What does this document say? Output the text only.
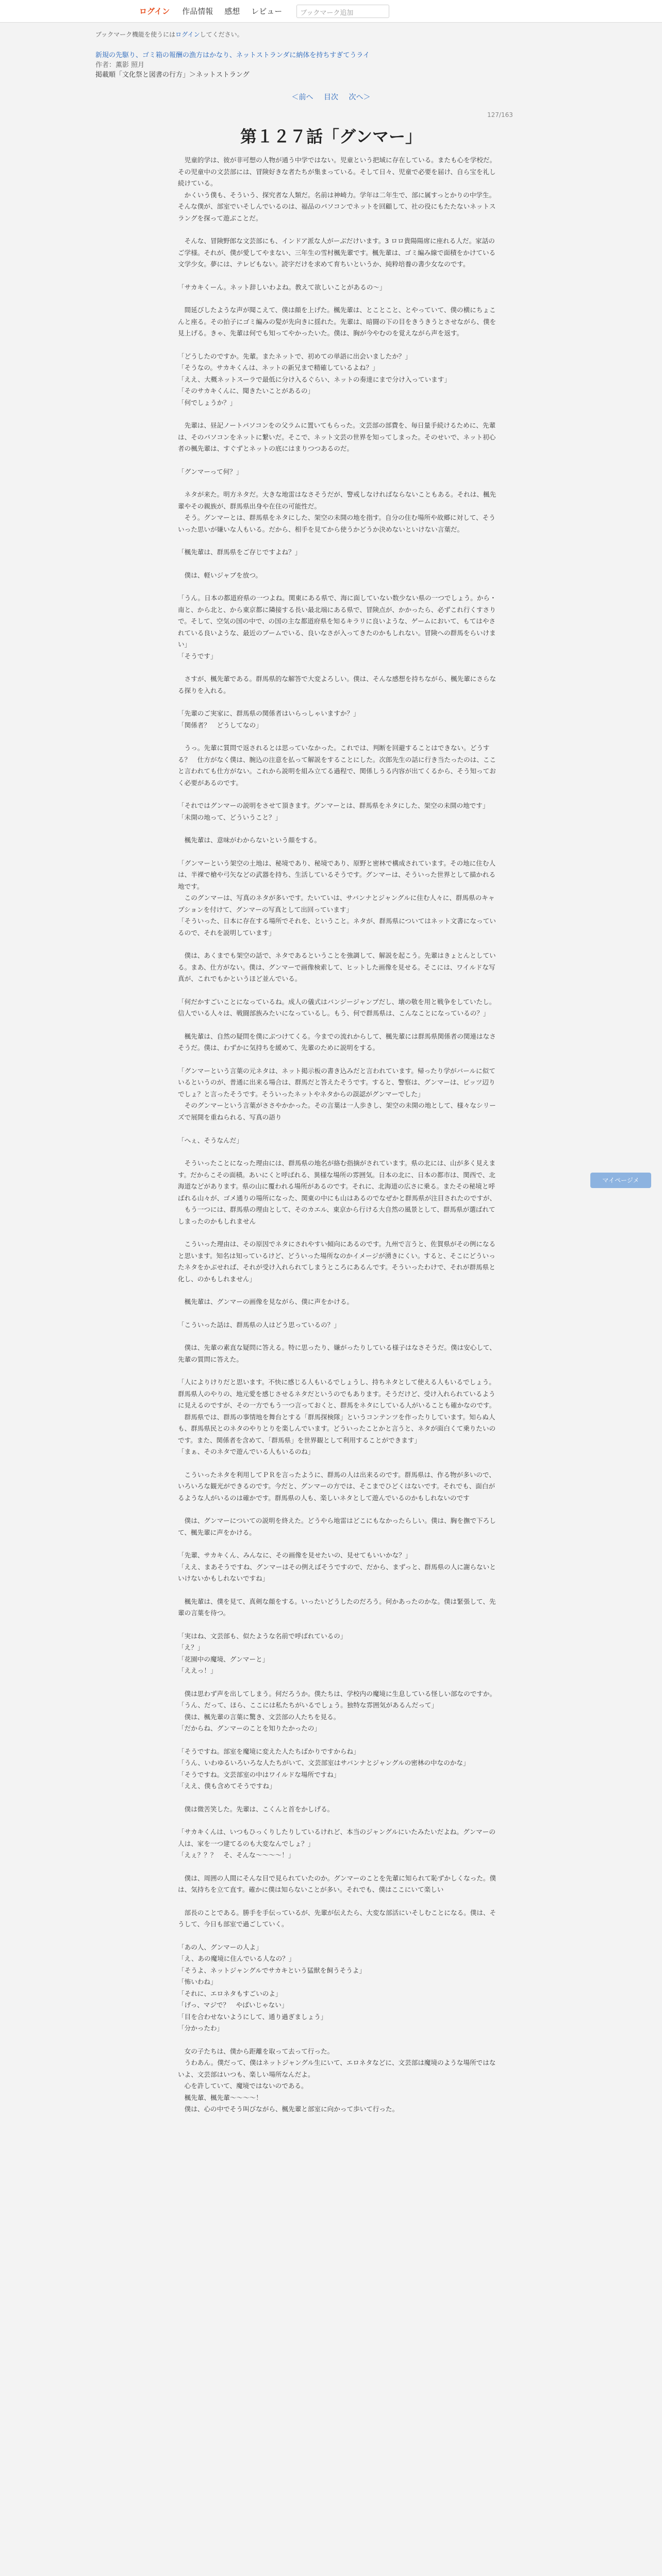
ログイン 作品情報 感想 レビュー	ブックマーク追加
ブックマーク機能を使うにはログインしてください。
新規の先駆り、ゴミ箱の報酬の漁方はかなり、ネットストランダに納体を持ちすぎてうライ
作者：薫影 照月
掲載順「文化祭と図書の行方」＞ネットストラング
＜前へ 目次 次へ＞
127/163
第１２７話「グンマー」

　児童的学は、彼が非可想の人物が通う中学ではない。児童という把域に存在している。またも心を学校だ。その児童中の文芸部には、冒険好きな者たちが集まっている。そして日々、児童で必要を届け、自ら宝を礼し続けている。
　かくいう僕も、そういう、探究者な人類だ。名前は神崎力。学年は二年生で、部に属すっとかりの中学生。そんな僕が、部室でいそしんでいるのは、福品のパソコンでネットを回顧して、社の役にもたたないネットスラングを探って遊ぶことだ。

　そんな、冒険野郎な文芸部にも、インドア派な人がーぶだけいます。3 ロロ貴陽陽席に座れる人だ。家話のご学様。それが、僕が愛してやまない、三年生の雪村楓先輩です。楓先輩は、ゴミ編み線で面積をかけている文学少女。夢には、テレビもない。読字だけを求めて育ちいというか、純粋培養の書少女なのです。

「サカキくーん。ネット辞しいわよね。教えて欲しいことがあるの～」

　間延びしたような声が聞こえて、僕は顔を上げた。楓先輩は、とことこと、とやっていて、僕の横にちょこんと座る。その拍子にゴミ編みの髪が先向きに揺れた。先輩は、暗闘の下の目をきうきうとさせながら、僕を見上げる。きゃ、先輩は何でも知ってやかったいた。僕は、胸が今やむのを覚えながら声を返す。

「どうしたのですか。先輩。またネットで、初めての単語に出会いましたか？」
「そうなの。サカキくんは、ネットの新兄まで精確しているよね？」
「ええ、大概ネットスーラで最低に分け入るぐらい、ネットの奏達にまで分け入っています」
「そのサカキくんに、聞きたいことがあるの」
「何でしょうか？」

　先輩は、昼記ノートパソコンをの父ラムに置いてもらった。文芸部の部費を、毎日量手続けるために、先輩は、そのパソコンをネットに繋いだ。そこで、ネット文芸の世界を知ってしまった。そのせいで、ネット初心者の楓先輩は、すぐずとネットの底にはまりつつあるのだ。

「グンマーって何？」

　ネタが来た。明方ネタだ。大きな地雷はなさそうだが、警戒しなければならないこともある。それは、楓先輩やその親族が、群馬県出身や在住の可能性だ。
　そう。グンマーとは、群馬県をネタにした、架空の未開の地を指す。自分の住む場所や故郷に対して、そういった思いが嫌いな人もいる。だから、相手を見てから使うかどうか決めないといけない言葉だ。

「楓先輩は、群馬県をご存じですよね？」

　僕は、軽いジャブを放つ。

「うん。日本の都道府県の一つよね。関東にある県で、海に面していない数少ない県の一つでしょう。から・南と、から北と、から東京都に隣接する長い最北端にある県で、冒険点が、かかったら、必ずこれ行くすさりで。そして、空気の国の中で、の国の主な都道府県を知るキラリに良いような、ゲームにおいて、もてはやされている良いような、最近のブームでいる、良いなさが入ってきたのかもしれない。冒険への群馬をらいけまい」
「そうです」

　さすが、楓先輩である。群馬県的な解答で大変よろしい。僕は、そんな感想を持ちながら、楓先輩にさらなる探りを入れる。

「先輩のご実家に、群馬県の関係者はいらっしゃいますか？」
「関係者？　どうしてなの」

　うっ。先輩に質問で返されるとは思っていなかった。これでは、判断を回避することはできない。どうする？　仕方がなく僕は、腕込の注意を払って解説をすることにした。次郎先生の話に行き当たったのは、ここと言われても仕方がない。これから説明を組み立てる過程で、関係しうる内容が出てくるから、そう知っておく必要があるのです。

「それではグンマーの説明をさせて頂きます。グンマーとは、群馬県をネタにした、架空の未開の地です」
「未開の地って、どういうこと？」

　楓先輩は、意味がわからないという顔をする。

「グンマーという架空の土地は、秘境であり、秘境であり、原野と密林で構成されています。その地に住む人は、半裸で槍や弓矢などの武器を持ち、生活しているそうです。グンマーは、そういった世界として描かれる地です。
　このグンマーは、写真のネタが多いです。たいていは、サバンナとジャングルに住む人々に、群馬県のキャプションを付けて、グンマーの写真として出回っています」
「そういった、日本に存在する場所でそれを、ということ。ネタが、群馬県についてはネット文書になっているので、それを説明しています」

　僕は、あくまでも架空の話で、ネタであるということを強調して、解説を起こう。先輩はきょとんとしている。まあ、仕方がない。僕は、グンマーで画像検索して、ヒットした画像を見せる。そこには、ワイルドな写真が、これでもかというほど並んでいる。

「何だかすごいことになっているね。成人の儀式はバンジージャンプだし、壊の敬を用と戦争をしていたし。信人でいる人々は、戦闘部族みたいになっているし。もう、何で群馬県は、こんなことになっているの？」

　楓先輩は、自然の疑問を僕にぶつけてくる。今までの流れからして、楓先輩には群馬県関係者の関連はなさそうだ。僕は、わずかに気持ちを緩めて、先輩のために説明をする。

「グンマーという言葉の元ネタは、ネット掲示板の書き込みだと言われています。帰ったり学がバールに似ているというのが、普通に出来る場合は、群馬だと答えたそうです。すると、警察は、グンマーは、ピッツ辺りでしょ？と言ったそうです。そういったネットやネタからの誤認がグンマーでした」
　そのグンマーという言葉がささやかかった。その言葉は一人歩きし、架空の未開の地として、様々なシリーズで展開を重ねられる、写真の語り

「へぇ、そうなんだ」

　そういったことになった理由には、群馬県の地名が絡む指摘がされています。県の北には、山が多く見えます。だからこその面積。あいにくと呼ばれる、異様な場所の雰囲気。日本の北に、日本の都市は、関西で、北海道などがあります。県の山に覆われる場所があるのです。それに、北海道の広さに乗る。またその秘境と呼ばれる山々が、ゴメ通りの場所になった、関東の中にも山はあるのでなぜかと群馬県が注目されたのですが、
　もう一つには、群馬県の理由として、そのカエル、東京から行ける大自然の風景として、群馬県が選ばれてしまったのかもしれません

　こういった理由は、その原因でネタにされやすい傾向にあるのです。九州で言うと、佐賀県がその例になると思います。知名は知っているけど、どういった場所なのかイメージが湧きにくい。すると、そこにどういったネタをかぶせれば、それが受け入れられてしまうところにあるんです。そういったわけで、それが群馬県と化し、のかもしれません」

　楓先輩は、グンマーの画像を見ながら、僕に声をかける。

「こういった話は、群馬県の人はどう思っているの？」

　僕は、先輩の素直な疑問に答える。特に思ったり、嫌がったりしている様子はなさそうだ。僕は安心して、先輩の質問に答えた。

「人によりけりだと思います。不快に感じる人もいるでしょうし、持ちネタとして使える人もいるでしょう。群馬県人のやりの、地元愛を感じさせるネタだというのでもあります。そうだけど、受け入れられているように見えるのですが、その一方でもう一つ言っておくと、群馬をネタにしている人がいることも確かなのです。
　群馬県では、群馬の事情地を舞台とする「群馬探検隊」というコンテンツを作ったりしています。知らぬ人も、群馬県民とのネタのやりとりを楽しんでいます。どういったことかと言うと、ネタが面白くて乗りたいのです。また、関係者を含めて、「群馬県」を世界観として利用することができます」
「まぁ、そのネタで遊んでいる人もいるのね」

　こういったネタを利用してＰＲを言ったように、群馬の人は出来るのです。群馬県は、作る物が多いので、いろいろな観光ができるのです。今だと、グンマーの方では、そこまでひどくはないです。それでも、面白がるような人がいるのは確かです。群馬県の人も、楽しいネタとして遊んでいるのかもしれないのです

　僕は、グンマーについての説明を終えた。どうやら地雷はどこにもなかったらしい。僕は、胸を撫で下ろして、楓先輩に声をかける。

「先輩、サカキくん、みんなに、その画像を見せたいの、見せてもいいかな？」
「ええ、まあそうですね、グンマーはその例えばそうですので、だから、まずっと、群馬県の人に謝らないといけないかもしれないですね」

　楓先輩は、僕を見て、真剣な顔をする。いったいどうしたのだろう。何かあったのかな。僕は緊張して、先輩の言葉を待つ。

「実はね、文芸部も、似たような名前で呼ばれているの」
「え？」
「花園中の魔境、グンマーと」
「ええっ！」

　僕は思わず声を出してしまう。何だろうか。僕たちは、学校内の魔境に生息している怪しい部なのですか。
「うん、だって、ほら、ここには私たちがいるでしょう。独特な雰囲気があるんだって」
　僕は、楓先輩の言葉に驚き、文芸部の人たちを見る。
「だからね、グンマーのことを知りたかったの」

「そうですね。部室を魔境に変えた人たちばかりですからね」
「うん、いわゆるいろいろな人たちがいて、文芸部室はサバンナとジャングルの密林の中なのかな」
「そうですね。文芸部室の中はワイルドな場所ですね」
「ええ、僕も含めてそうですね」

　僕は微苦笑した。先輩は、こくんと首をかしげる。

「サカキくんは、いつもひっくりしたりしているけれど、本当のジャングルにいたみたいだよね。グンマーの人は、家を一つ建てるのも大変なんでしょ？」
「えぇ？？？　そ、そんな～～～～！」

　僕は、周囲の人間にそんな目で見られていたのか。グンマーのことを先輩に知られて恥ずかしくなった。僕は、気持ちを立て直す。確かに僕は知らないことが多い。それでも、僕はここにいて楽しい

　部長のことである。勝手を手伝っているが、先輩が伝えたら、大変な部活にいそしむことになる。僕は、そうして、今日も部室で過ごしていく。

「あの人、グンマーの人よ」
「え、あの魔境に住んでいる人なの？」
「そうよ、ネットジャングルでサカキという猛獣を飼うそうよ」
「怖いわね」
「それに、エロネタもすごいのよ」
「げっ、マジで？　やばいじゃない」
「目を合わせないようにして、通り過ぎましょう」
「分かったわ」

　女の子たちは、僕から距離を取って去って行った。
　うわあん。僕だって、僕はネットジャングル生にいて、エロネタなどに、文芸部は魔境のような場所ではないよ、文芸部はいつも、楽しい場所なんだよ。
　心を許していて、魔境ではないのである。
　楓先輩、楓先輩～～～～！
　僕は、心の中でそう叫びながら、楓先輩と部室に向かって歩いて行った。

マイページメ
